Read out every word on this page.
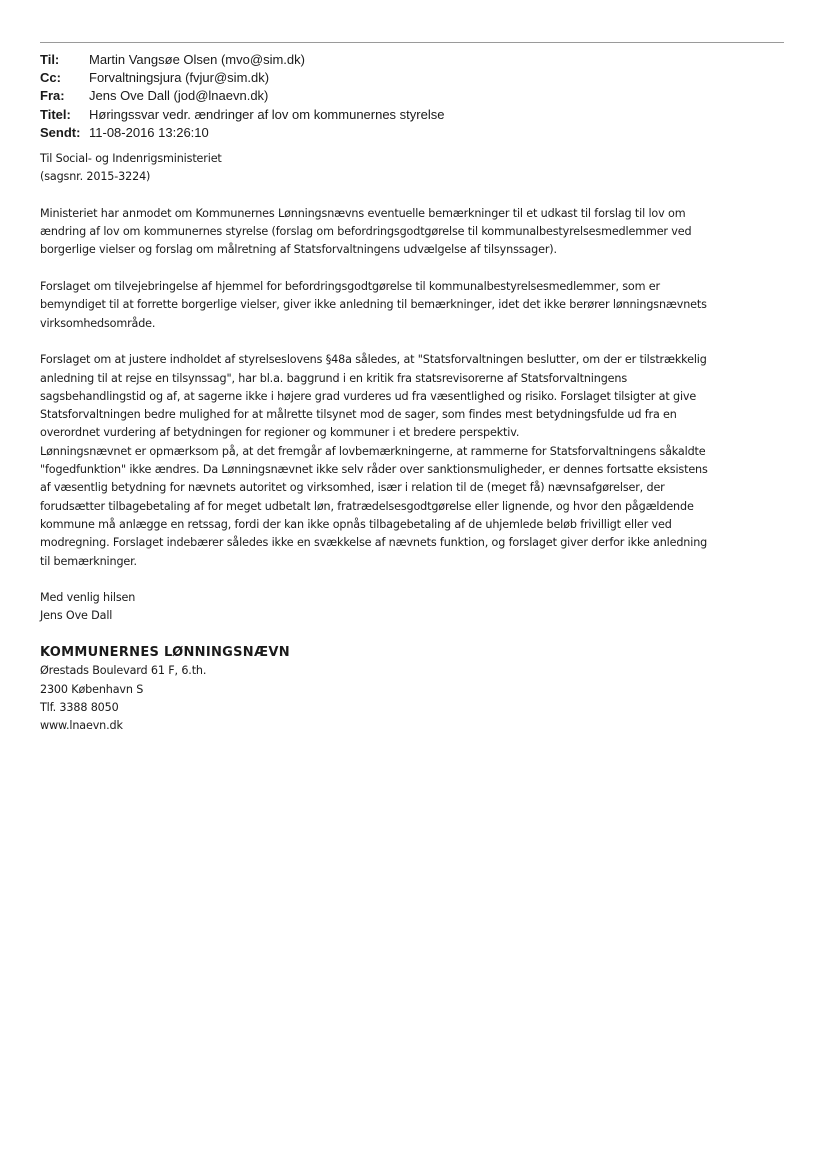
Til:	Martin Vangsøe Olsen (mvo@sim.dk)
Cc:	Forvaltningsjura (fvjur@sim.dk)
Fra:	Jens Ove Dall (jod@lnaevn.dk)
Titel:	Høringssvar vedr. ændringer af lov om kommunernes styrelse
Sendt: 11-08-2016 13:26:10
Til Social- og Indenrigsministeriet
(sagsnr. 2015-3224)
Ministeriet har anmodet om Kommunernes Lønningsnævns eventuelle bemærkninger til et udkast til forslag til lov om
ændring af lov om kommunernes styrelse (forslag om befordringsgodtgørelse til kommunalbestyrelsesmedlemmer ved
borgerlige vielser og forslag om målretning af Statsforvaltningens udvælgelse af tilsynssager).
Forslaget om tilvejebringelse af hjemmel for befordringsgodtgørelse til kommunalbestyrelsesmedlemmer, som er
bemyndiget til at forrette borgerlige vielser, giver ikke anledning til bemærkninger, idet det ikke berører lønningsnævnets
virksomhedsområde.
Forslaget om at justere indholdet af styrelseslovens §48a således, at "Statsforvaltningen beslutter, om der er tilstrækkelig
anledning til at rejse en tilsynssag", har bl.a. baggrund i en kritik fra statsrevisorerne af Statsforvaltningens
sagsbehandlingstid og af, at sagerne ikke i højere grad vurderes ud fra væsentlighed og risiko. Forslaget tilsigter at give
Statsforvaltningen bedre mulighed for at målrette tilsynet mod de sager, som findes mest betydningsfulde ud fra en
overordnet vurdering af betydningen for regioner og kommuner i et bredere perspektiv.
Lønningsnævnet er opmærksom på, at det fremgår af lovbemærkningerne, at rammerne for Statsforvaltningens såkaldte
"fogedfunktion" ikke ændres. Da Lønningsnævnet ikke selv råder over sanktionsmuligheder, er dennes fortsatte eksistens
af væsentlig betydning for nævnets autoritet og virksomhed, især i relation til de (meget få) nævnsafgørelser, der
forudsætter tilbagebetaling af for meget udbetalt løn, fratrædelsesgodtgørelse eller lignende, og hvor den pågældende
kommune må anlægge en retssag, fordi der kan ikke opnås tilbagebetaling af de uhjemlede beløb frivilligt eller ved
modregning. Forslaget indebærer således ikke en svækkelse af nævnets funktion, og forslaget giver derfor ikke anledning
til bemærkninger.
Med venlig hilsen
Jens Ove Dall
KOMMUNERNES LØNNINGSNÆVN
Ørestads Boulevard 61 F, 6.th.
2300 København S
Tlf. 3388 8050
www.lnaevn.dk
